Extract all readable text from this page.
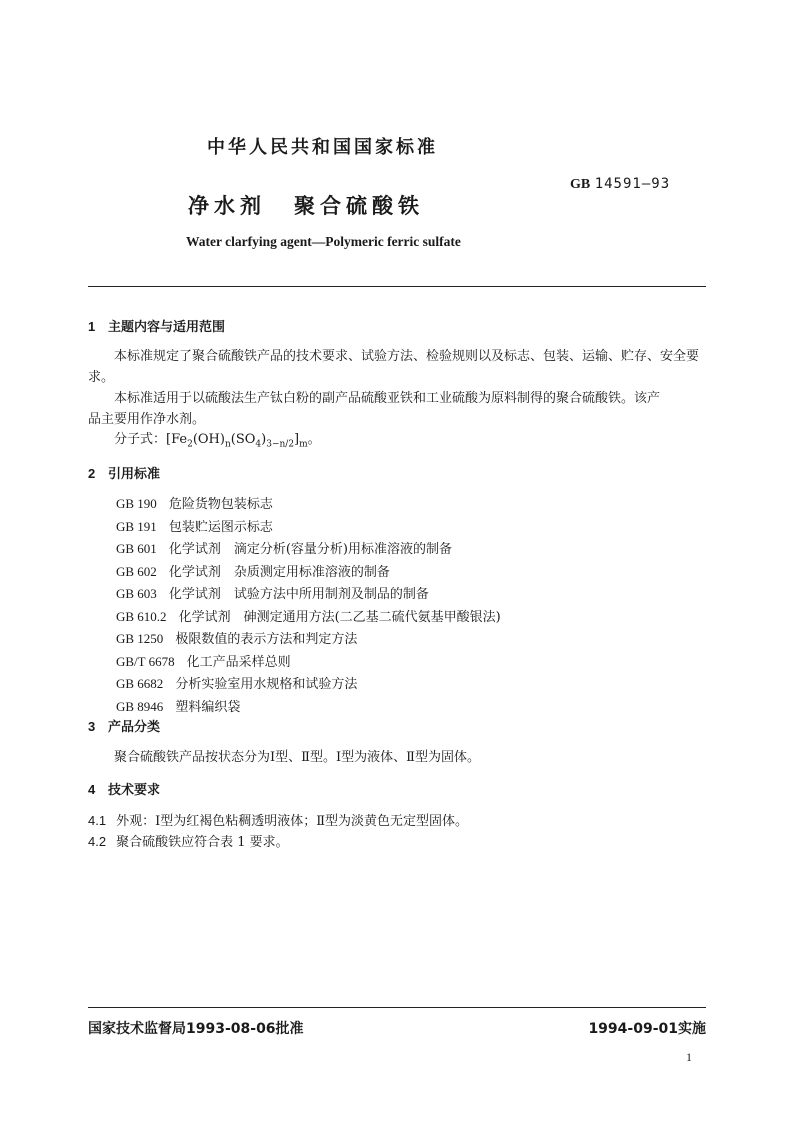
中华人民共和国国家标准
GB 14591—93
净水剂 聚合硫酸铁
Water clarfying agent—Polymeric ferric sulfate
1 主题内容与适用范围
本标准规定了聚合硫酸铁产品的技术要求、试验方法、检验规则以及标志、包装、运输、贮存、安全要
求。
本标准适用于以硫酸法生产钛白粉的副产品硫酸亚铁和工业硫酸为原料制得的聚合硫酸铁。该产
品主要用作净水剂。
分子式：$[Fe_2(OH)_n(SO_4)_{3-n/2}]_m$。
2 引用标准
GB 190 危险货物包装标志
GB 191 包装贮运图示标志
GB 601 化学试剂　滴定分析(容量分析)用标准溶液的制备
GB 602 化学试剂　杂质测定用标准溶液的制备
GB 603 化学试剂　试验方法中所用制剂及制品的制备
GB 610.2 化学试剂　砷测定通用方法(二乙基二硫代氨基甲酸银法)
GB 1250 极限数值的表示方法和判定方法
GB/T 6678 化工产品采样总则
GB 6682 分析实验室用水规格和试验方法
GB 8946 塑料编织袋
3 产品分类
聚合硫酸铁产品按状态分为Ⅰ型、Ⅱ型。Ⅰ型为液体、Ⅱ型为固体。
4 技术要求
4.1 外观：Ⅰ型为红褐色粘稠透明液体；Ⅱ型为淡黄色无定型固体。
4.2 聚合硫酸铁应符合表 1 要求。
国家技术监督局1993-08-06批准	1994-09-01实施
1
